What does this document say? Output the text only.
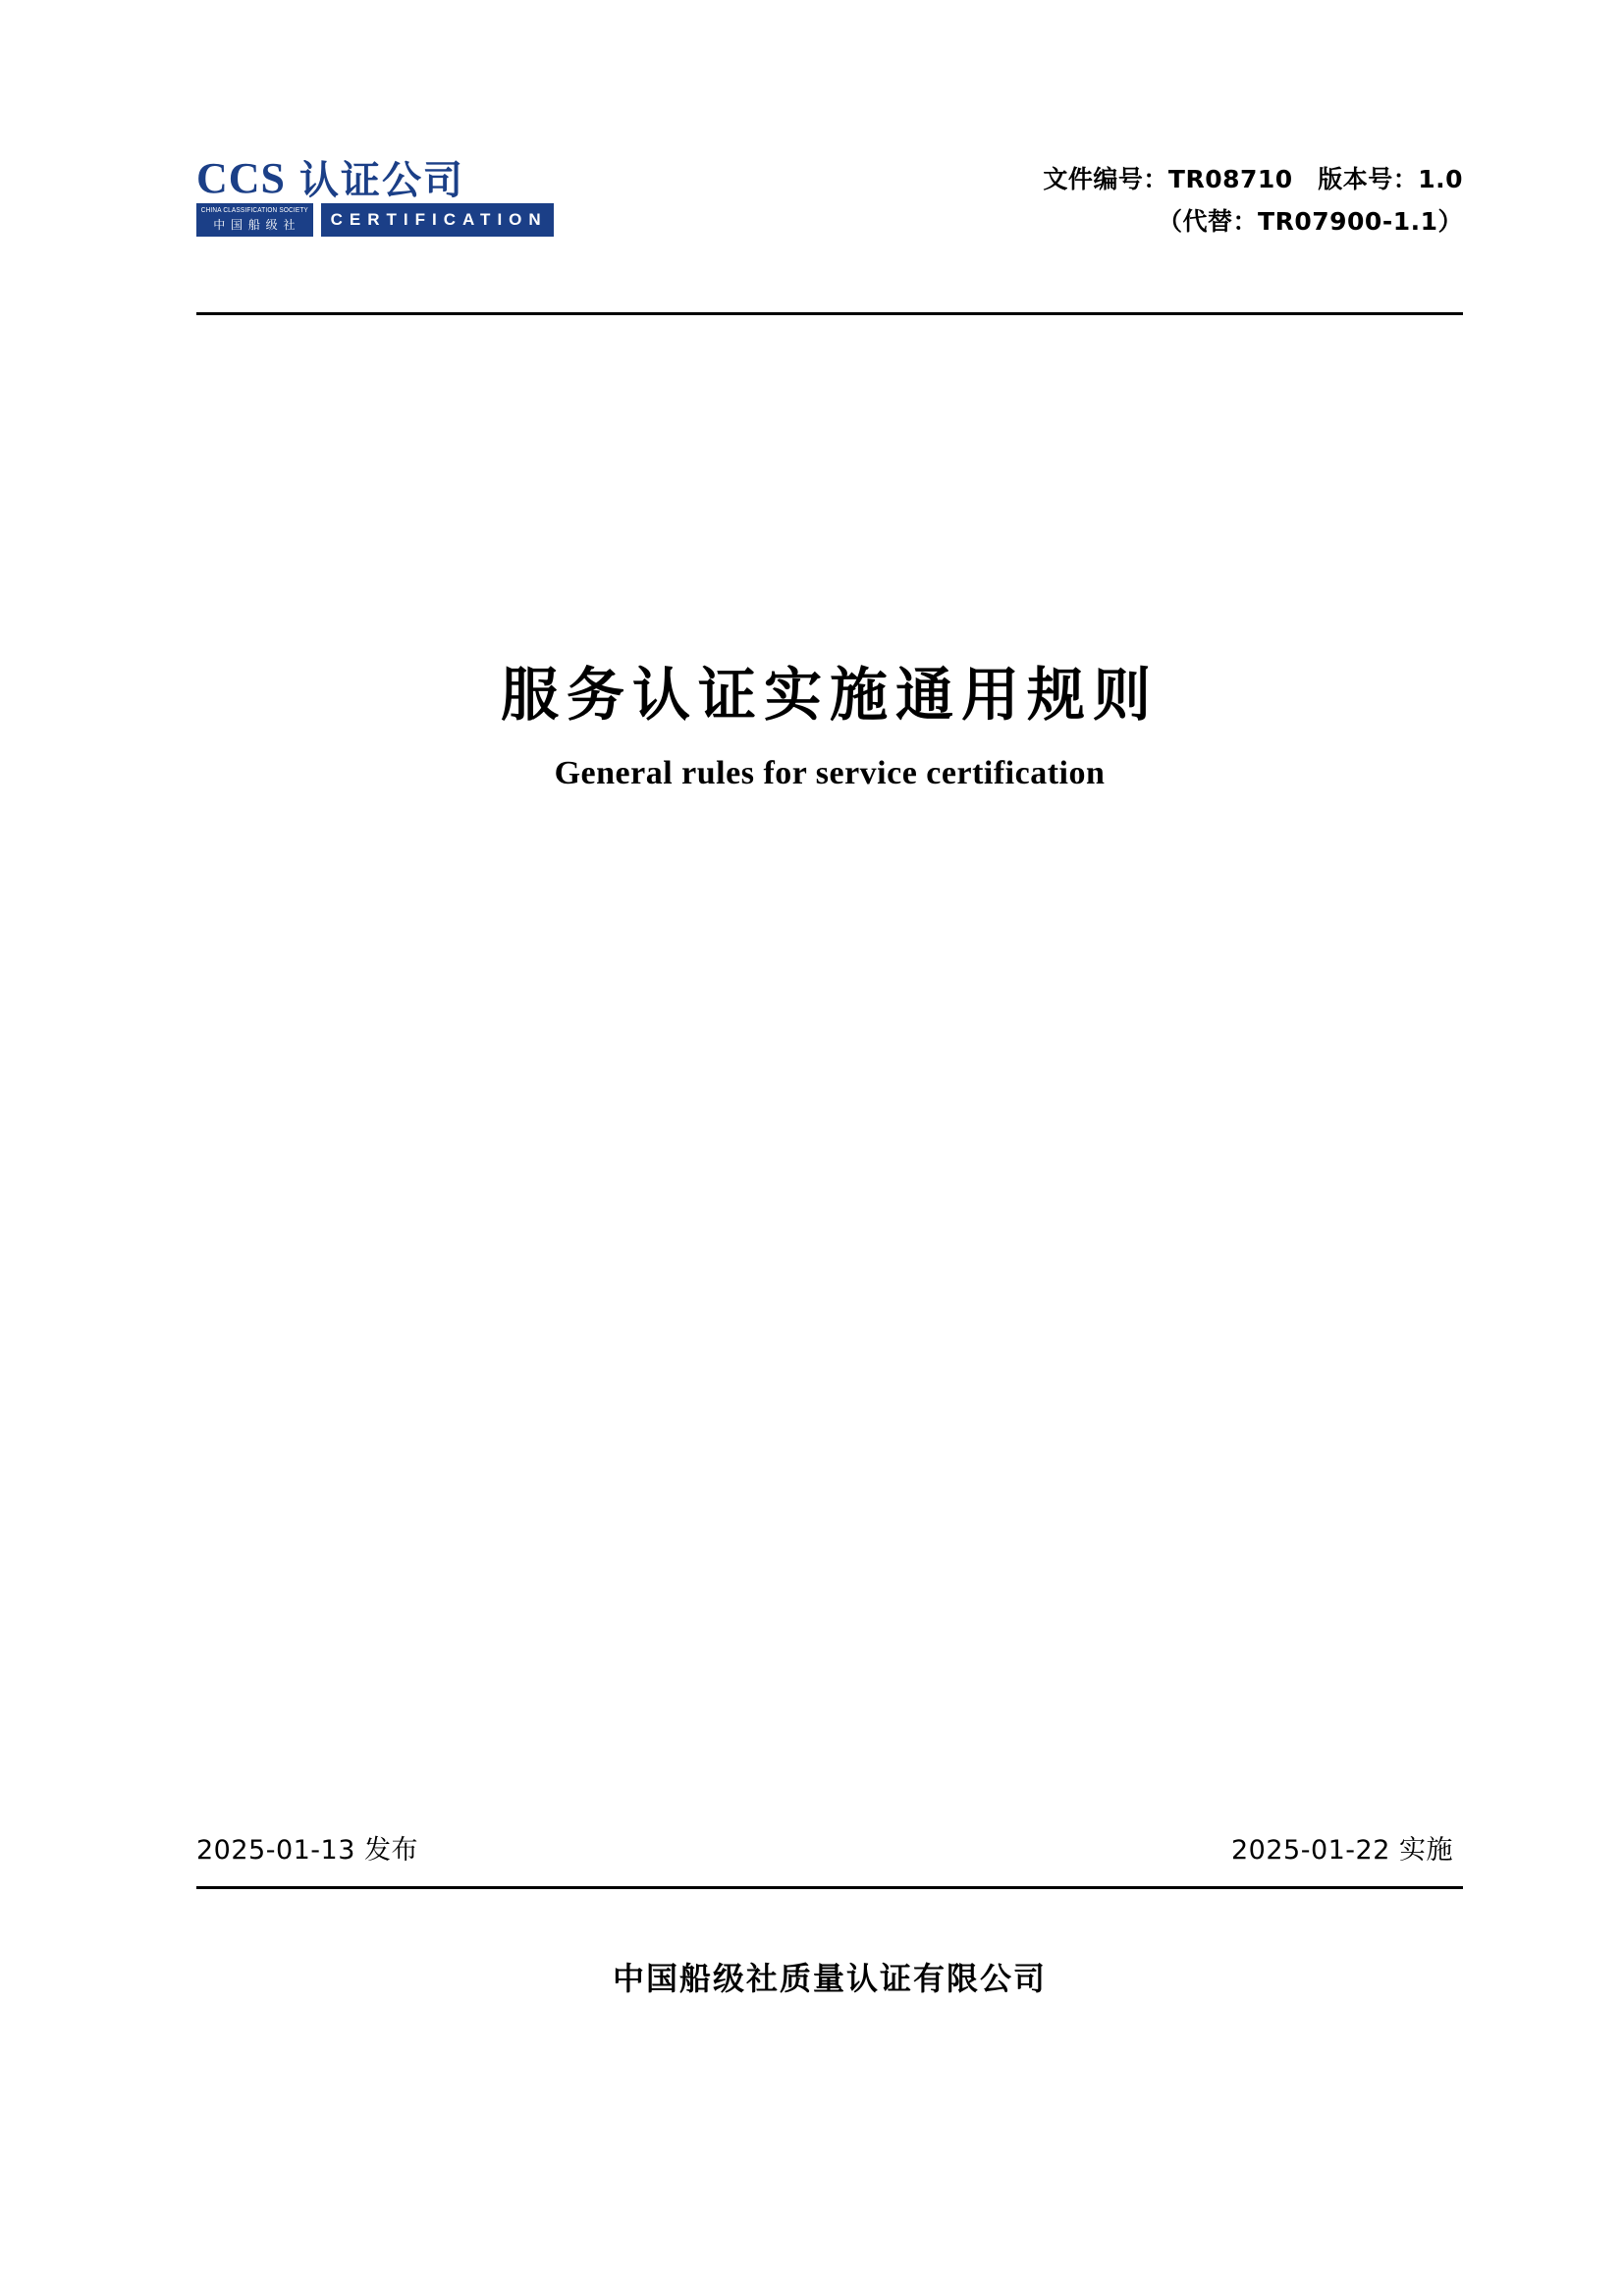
CCS 认证公司
CHINA CLASSIFICATION SOCIETY
中 国 船 级 社	CERTIFICATION
文件编号：TR08710　版本号：1.0
（代替：TR07900-1.1）
服务认证实施通用规则
General rules for service certification
2025-01-13 发布	2025-01-22 实施
中国船级社质量认证有限公司
